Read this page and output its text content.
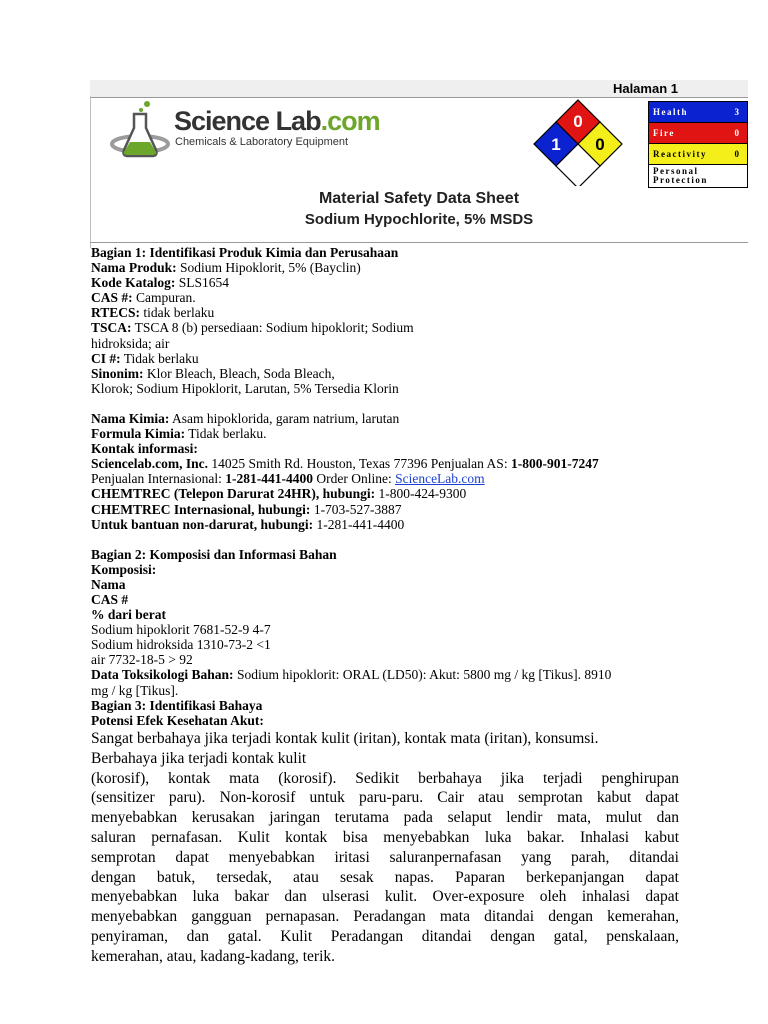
Halaman 1
Science Lab.com
Chemicals & Laboratory Equipment
0
1 0
Health	3
Fire	0
Reactivity	0
Personal
Protection
Material Safety Data Sheet
Sodium Hypochlorite, 5% MSDS
Bagian 1: Identifikasi Produk Kimia dan Perusahaan
Nama Produk: Sodium Hipoklorit, 5% (Bayclin)
Kode Katalog: SLS1654
CAS #: Campuran.
RTECS: tidak berlaku
TSCA: TSCA 8 (b) persediaan: Sodium hipoklorit; Sodium
hidroksida; air
CI #: Tidak berlaku
Sinonim: Klor Bleach, Bleach, Soda Bleach,
Klorok; Sodium Hipoklorit, Larutan, 5% Tersedia Klorin
Nama Kimia: Asam hipoklorida, garam natrium, larutan
Formula Kimia: Tidak berlaku.
Kontak informasi:
Sciencelab.com, Inc. 14025 Smith Rd. Houston, Texas 77396 Penjualan AS: 1-800-901-7247
Penjualan Internasional: 1-281-441-4400 Order Online: ScienceLab.com
CHEMTREC (Telepon Darurat 24HR), hubungi: 1-800-424-9300
CHEMTREC Internasional, hubungi: 1-703-527-3887
Untuk bantuan non-darurat, hubungi: 1-281-441-4400
Bagian 2: Komposisi dan Informasi Bahan
Komposisi:
Nama
CAS #
% dari berat
Sodium hipoklorit 7681-52-9 4-7
Sodium hidroksida 1310-73-2 <1
air 7732-18-5 > 92
Data Toksikologi Bahan: Sodium hipoklorit: ORAL (LD50): Akut: 5800 mg / kg [Tikus]. 8910
mg / kg [Tikus].
Bagian 3: Identifikasi Bahaya
Potensi Efek Kesehatan Akut:
Sangat berbahaya jika terjadi kontak kulit (iritan), kontak mata (iritan), konsumsi.
Berbahaya jika terjadi kontak kulit
(korosif), kontak mata (korosif). Sedikit berbahaya jika terjadi penghirupan
(sensitizer paru). Non-korosif untuk paru-paru. Cair atau semprotan kabut dapat
menyebabkan kerusakan jaringan terutama pada selaput lendir mata, mulut dan
saluran pernafasan. Kulit kontak bisa menyebabkan luka bakar. Inhalasi kabut
semprotan dapat menyebabkan iritasi saluranpernafasan yang parah, ditandai
dengan batuk, tersedak, atau sesak napas. Paparan berkepanjangan dapat
menyebabkan luka bakar dan ulserasi kulit. Over-exposure oleh inhalasi dapat
menyebabkan gangguan pernapasan. Peradangan mata ditandai dengan kemerahan,
penyiraman, dan gatal. Kulit Peradangan ditandai dengan gatal, penskalaan,
kemerahan, atau, kadang-kadang, terik.
